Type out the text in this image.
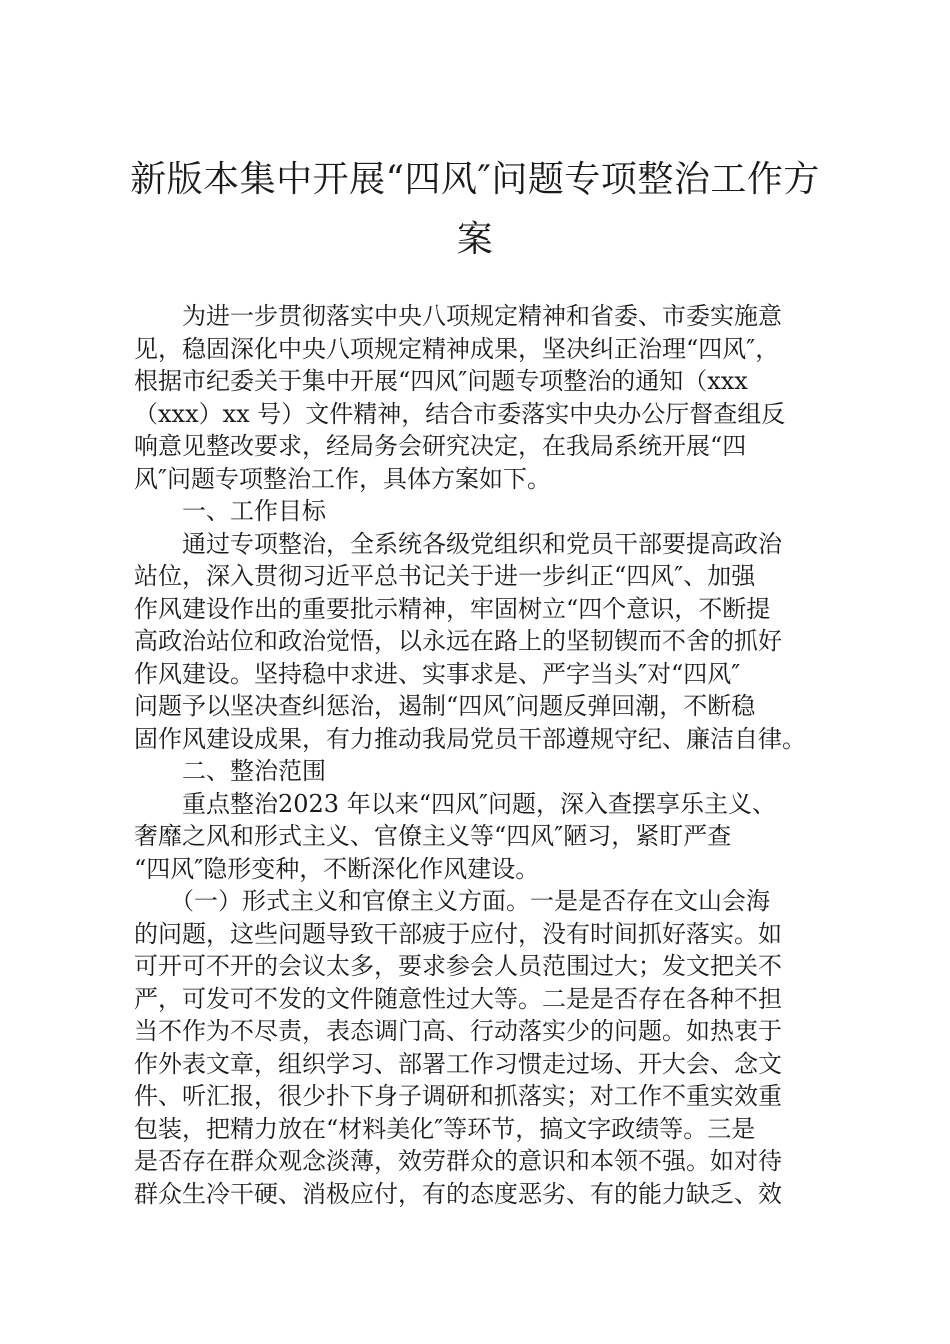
新版本集中开展“四风″问题专项整治工作方
案

　　为进一步贯彻落实中央八项规定精神和省委、市委实施意

见，稳固深化中央八项规定精神成果，坚决纠正治理“四风″，

根据市纪委关于集中开展“四风″问题专项整治的通知（xxx

（xxx）xx 号）文件精神，结合市委落实中央办公厅督查组反

响意见整改要求，经局务会研究决定，在我局系统开展“四

风″问题专项整治工作，具体方案如下。

　　一、工作目标

　　通过专项整治，全系统各级党组织和党员干部要提高政治

站位，深入贯彻习近平总书记关于进一步纠正“四风″、加强

作风建设作出的重要批示精神，牢固树立“四个意识，不断提

高政治站位和政治觉悟，以永远在路上的坚韧锲而不舍的抓好

作风建设。坚持稳中求进、实事求是、严字当头″对“四风″

问题予以坚决查纠惩治，遏制“四风″问题反弹回潮，不断稳

固作风建设成果，有力推动我局党员干部遵规守纪、廉洁自律。

　　二、整治范围

　　重点整治2023 年以来“四风″问题，深入查摆享乐主义、

奢靡之风和形式主义、官僚主义等“四风″陋习，紧盯严查

“四风″隐形变种，不断深化作风建设。

　　（一）形式主义和官僚主义方面。一是是否存在文山会海

的问题，这些问题导致干部疲于应付，没有时间抓好落实。如

可开可不开的会议太多，要求参会人员范围过大；发文把关不

严，可发可不发的文件随意性过大等。二是是否存在各种不担

当不作为不尽责，表态调门高、行动落实少的问题。如热衷于

作外表文章，组织学习、部署工作习惯走过场、开大会、念文

件、听汇报，很少扑下身子调研和抓落实；对工作不重实效重

包装，把精力放在“材料美化″等环节，搞文字政绩等。三是

是否存在群众观念淡薄，效劳群众的意识和本领不强。如对待

群众生冷干硬、消极应付，有的态度恶劣、有的能力缺乏、效
